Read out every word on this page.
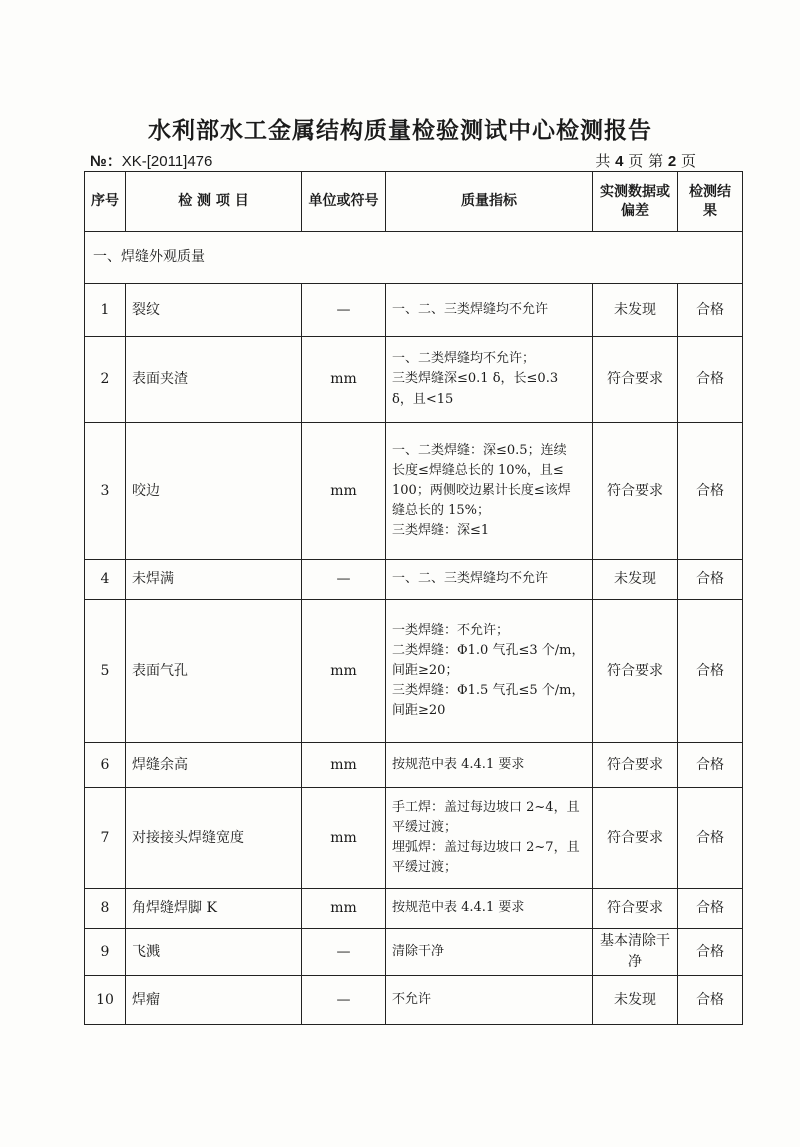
水利部水工金属结构质量检验测试中心检测报告
№：XK-[2011]476	共 4 页 第 2 页
序号	检 测 项 目	单位或符号	质量指标	实测数据或偏差	检测结果
一、焊缝外观质量					
1	裂纹	—	一、二、三类焊缝均不允许	未发现	合格
2	表面夹渣	mm	一、二类焊缝均不允许；
三类焊缝深≤0.1 δ，长≤0.3
δ，且<15	符合要求	合格
3	咬边	mm	一、二类焊缝：深≤0.5；连续
长度≤焊缝总长的 10%，且≤
100；两侧咬边累计长度≤该焊
缝总长的 15%；
三类焊缝：深≤1	符合要求	合格
4	未焊满	—	一、二、三类焊缝均不允许	未发现	合格
5	表面气孔	mm	一类焊缝：不允许；
二类焊缝：Φ1.0 气孔≤3 个/m，
间距≥20；
三类焊缝：Φ1.5 气孔≤5 个/m，
间距≥20	符合要求	合格
6	焊缝余高	mm	按规范中表 4.4.1 要求	符合要求	合格
7	对接接头焊缝宽度	mm	手工焊：盖过每边坡口 2~4，且
平缓过渡；
埋弧焊：盖过每边坡口 2~7，且
平缓过渡；	符合要求	合格
8	角焊缝焊脚 K	mm	按规范中表 4.4.1 要求	符合要求	合格
9	飞溅	—	清除干净	基本清除干净	合格
10	焊瘤	—	不允许	未发现	合格
